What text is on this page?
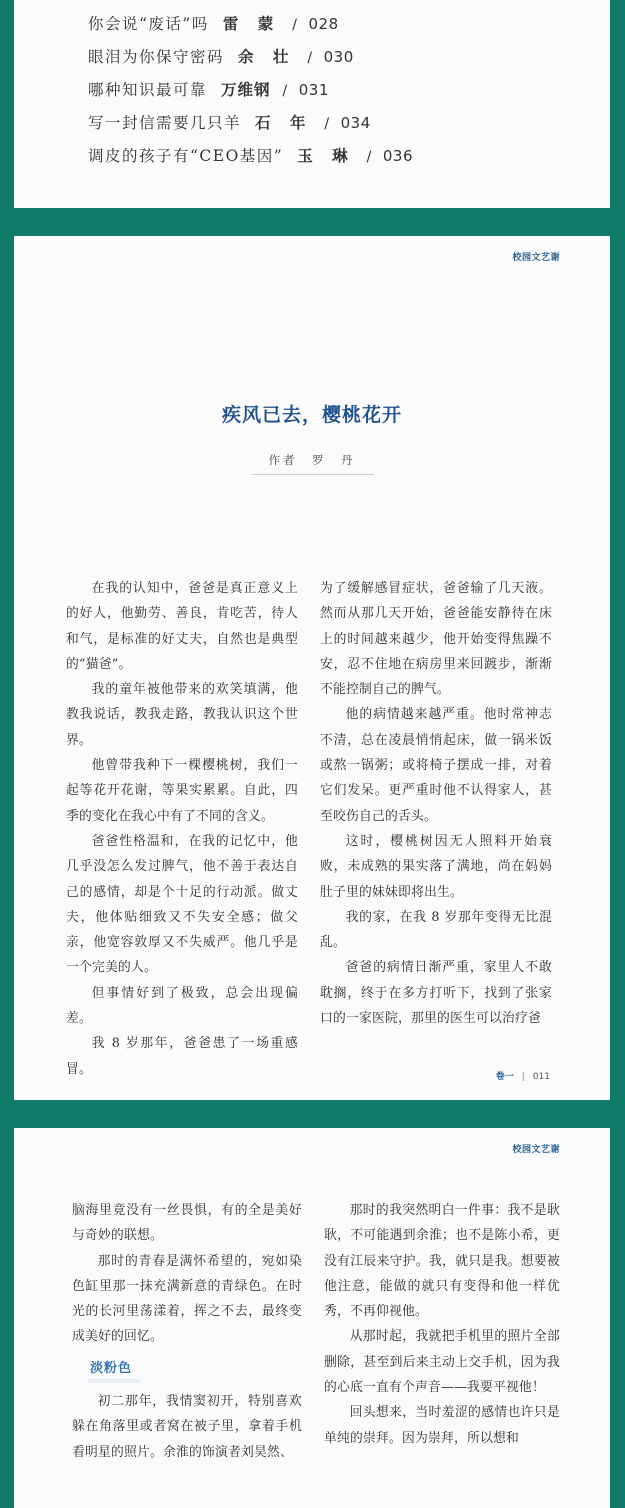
你会说“废话”吗 雷 蒙 / 028
眼泪为你保守密码 余 壮 / 030
哪种知识最可靠 万维钢 / 031
写一封信需要几只羊 石 年 / 034
调皮的孩子有“CEO基因” 玉 琳 / 036
校园文艺谢
疾风已去，樱桃花开
作者　罗　丹

在我的认知中，爸爸是真正意义上的好人，他勤劳、善良，肯吃苦，待人和气，是标准的好丈夫，自然也是典型的“猫爸”。

我的童年被他带来的欢笑填满，他教我说话，教我走路，教我认识这个世界。

他曾带我种下一棵樱桃树，我们一起等花开花谢，等果实累累。自此，四季的变化在我心中有了不同的含义。

爸爸性格温和，在我的记忆中，他几乎没怎么发过脾气，他不善于表达自己的感情，却是个十足的行动派。做丈夫，他体贴细致又不失安全感；做父亲，他宽容敦厚又不失威严。他几乎是一个完美的人。

但事情好到了极致，总会出现偏差。

我 8 岁那年，爸爸患了一场重感冒。

为了缓解感冒症状，爸爸输了几天液。然而从那几天开始，爸爸能安静待在床上的时间越来越少，他开始变得焦躁不安，忍不住地在病房里来回踱步，渐渐不能控制自己的脾气。

他的病情越来越严重。他时常神志不清，总在凌晨悄悄起床，做一锅米饭或熬一锅粥；或将椅子摆成一排，对着它们发呆。更严重时他不认得家人，甚至咬伤自己的舌头。

这时，樱桃树因无人照料开始衰败，未成熟的果实落了满地，尚在妈妈肚子里的妹妹即将出生。

我的家，在我 8 岁那年变得无比混乱。

爸爸的病情日渐严重，家里人不敢耽搁，终于在多方打听下，找到了张家口的一家医院，那里的医生可以治疗爸

卷一 | 011
校园文艺谢

脑海里竟没有一丝畏惧，有的全是美好与奇妙的联想。

那时的青春是满怀希望的，宛如染色缸里那一抹充满新意的青绿色。在时光的长河里荡漾着，挥之不去，最终变成美好的回忆。

淡粉色

初二那年，我情窦初开，特别喜欢躲在角落里或者窝在被子里，拿着手机看明星的照片。余淮的饰演者刘昊然、

那时的我突然明白一件事：我不是耿耿，不可能遇到余淮；也不是陈小希，更没有江辰来守护。我，就只是我。想要被他注意，能做的就只有变得和他一样优秀，不再仰视他。

从那时起，我就把手机里的照片全部删除，甚至到后来主动上交手机，因为我的心底一直有个声音——我要平视他！

回头想来，当时羞涩的感情也许只是单纯的崇拜。因为崇拜，所以想和
